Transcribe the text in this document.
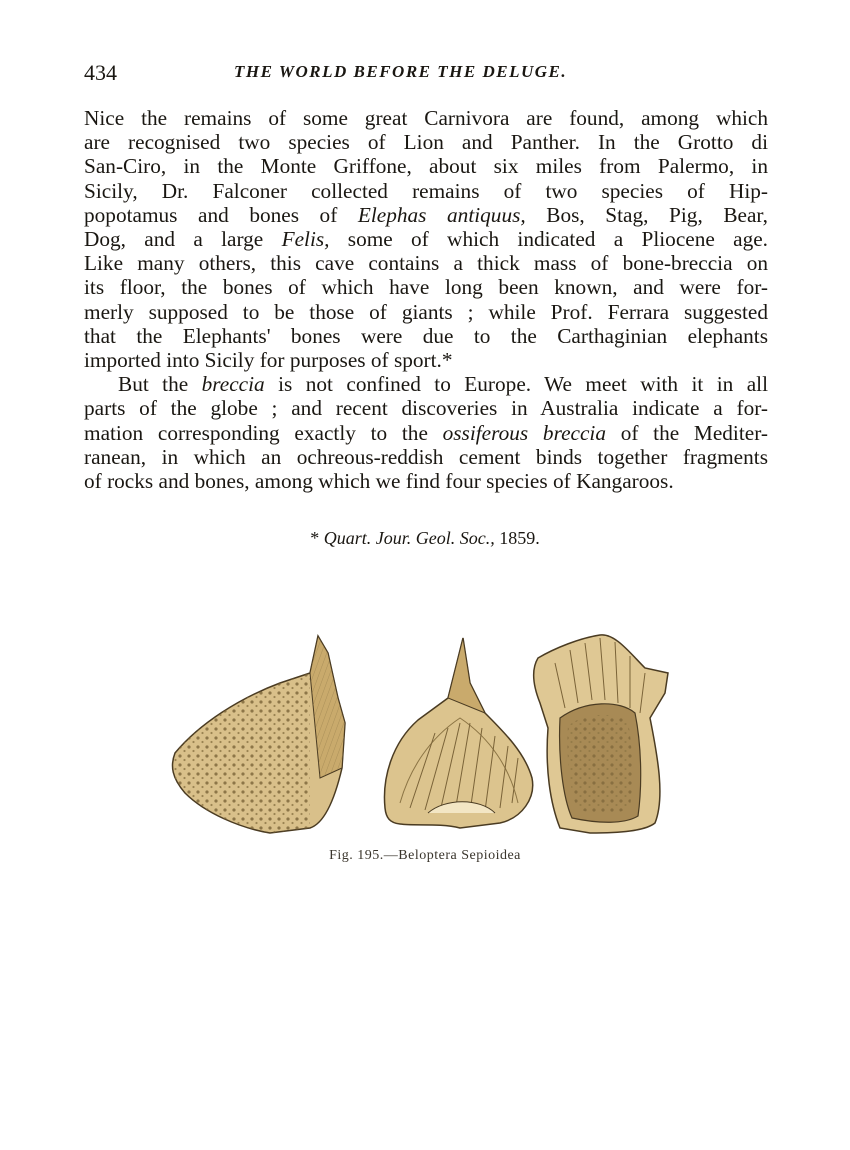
434	THE WORLD BEFORE THE DELUGE.
Nice the remains of some great Carnivora are found, among which
are recognised two species of Lion and Panther. In the Grotto di
San-Ciro, in the Monte Griffone, about six miles from Palermo, in
Sicily, Dr. Falconer collected remains of two species of Hip-
popotamus and bones of Elephas antiquus, Bos, Stag, Pig, Bear,
Dog, and a large Felis, some of which indicated a Pliocene age.
Like many others, this cave contains a thick mass of bone-breccia on
its floor, the bones of which have long been known, and were for-
merly supposed to be those of giants ; while Prof. Ferrara suggested
that the Elephants' bones were due to the Carthaginian elephants
imported into Sicily for purposes of sport.*
But the breccia is not confined to Europe. We meet with it in all
parts of the globe ; and recent discoveries in Australia indicate a for-
mation corresponding exactly to the ossiferous breccia of the Mediter-
ranean, in which an ochreous-reddish cement binds together fragments
of rocks and bones, among which we find four species of Kangaroos.
* Quart. Jour. Geol. Soc., 1859.
Fig. 195.—Beloptera Sepioidea
